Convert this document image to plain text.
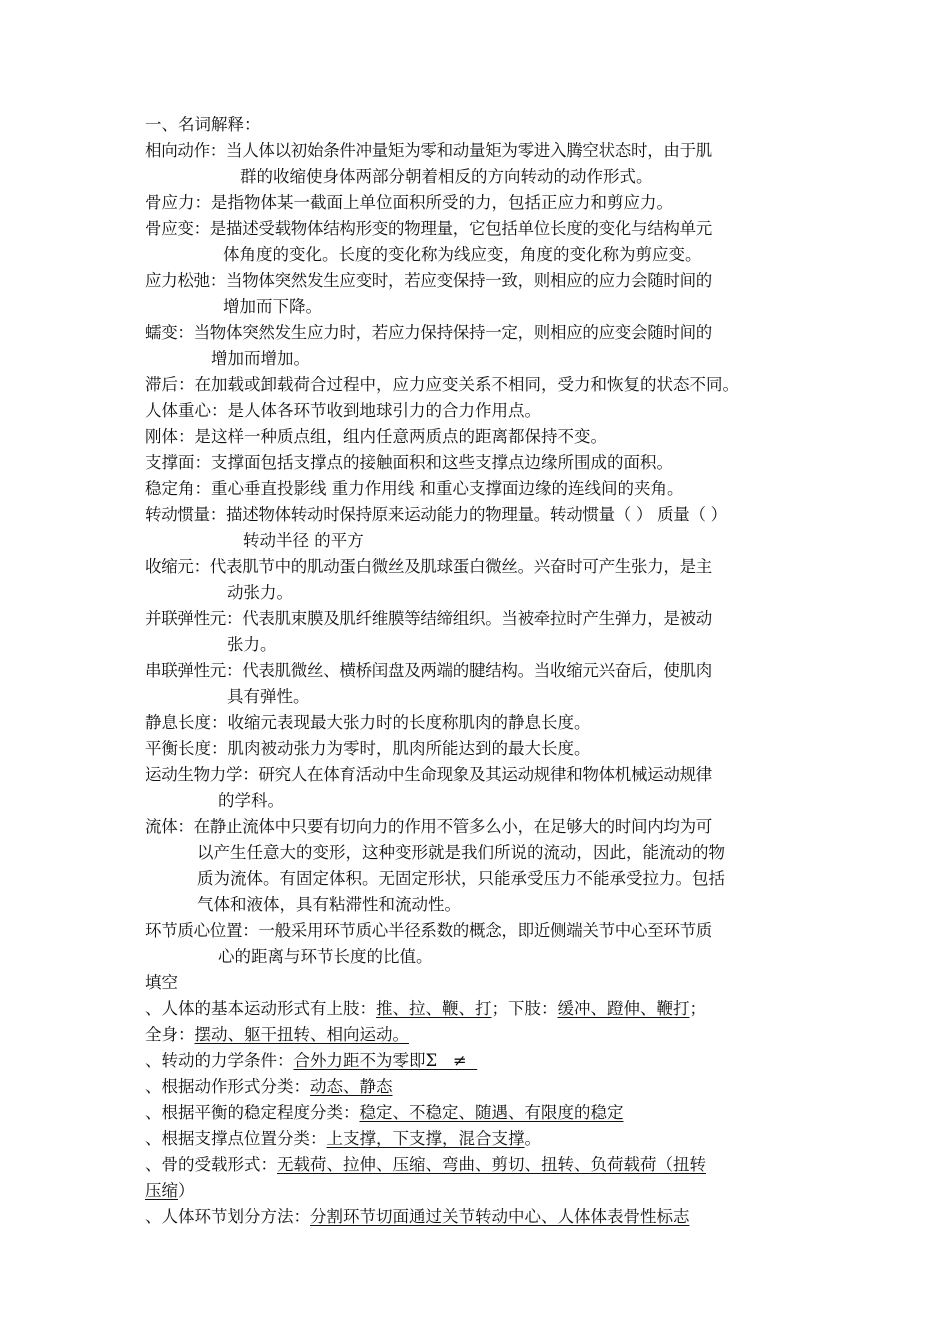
一、名词解释：
相向动作：当人体以初始条件冲量矩为零和动量矩为零进入腾空状态时，由于肌
群的收缩使身体两部分朝着相反的方向转动的动作形式。
骨应力：是指物体某一截面上单位面积所受的力，包括正应力和剪应力。
骨应变：是描述受载物体结构形变的物理量，它包括单位长度的变化与结构单元
体角度的变化。长度的变化称为线应变，角度的变化称为剪应变。
应力松弛：当物体突然发生应变时，若应变保持一致，则相应的应力会随时间的
增加而下降。
蠕变：当物体突然发生应力时，若应力保持保持一定，则相应的应变会随时间的
增加而增加。
滞后：在加载或卸载荷合过程中，应力应变关系不相同，受力和恢复的状态不同。
人体重心：是人体各环节收到地球引力的合力作用点。
刚体：是这样一种质点组，组内任意两质点的距离都保持不变。
支撑面：支撑面包括支撑点的接触面积和这些支撑点边缘所围成的面积。
稳定角：重心垂直投影线 重力作用线 和重心支撑面边缘的连线间的夹角。
转动惯量：描述物体转动时保持原来运动能力的物理量。转动惯量（ ） 质量（ ）
转动半径 的平方
收缩元：代表肌节中的肌动蛋白微丝及肌球蛋白微丝。兴奋时可产生张力，是主
动张力。
并联弹性元：代表肌束膜及肌纤维膜等结缔组织。当被牵拉时产生弹力，是被动
张力。
串联弹性元：代表肌微丝、横桥闰盘及两端的腱结构。当收缩元兴奋后，使肌肉
具有弹性。
静息长度：收缩元表现最大张力时的长度称肌肉的静息长度。
平衡长度：肌肉被动张力为零时，肌肉所能达到的最大长度。
运动生物力学：研究人在体育活动中生命现象及其运动规律和物体机械运动规律
的学科。
流体：在静止流体中只要有切向力的作用不管多么小，在足够大的时间内均为可
以产生任意大的变形，这种变形就是我们所说的流动，因此，能流动的物
质为流体。有固定体积。无固定形状，只能承受压力不能承受拉力。包括
气体和液体，具有粘滞性和流动性。
环节质心位置：一般采用环节质心半径系数的概念，即近侧端关节中心至环节质
心的距离与环节长度的比值。
填空
、人体的基本运动形式有上肢：推、拉、鞭、打；下肢：缓冲、蹬伸、鞭打；
全身：摆动、躯干扭转、相向运动。
、转动的力学条件：合外力距不为零即Σ   ≠
、根据动作形式分类：动态、静态
、根据平衡的稳定程度分类：稳定、不稳定、随遇、有限度的稳定
、根据支撑点位置分类：上支撑，下支撑，混合支撑。
、骨的受载形式：无载荷、拉伸、压缩、弯曲、剪切、扭转、负荷载荷（扭转
压缩）
、人体环节划分方法：分割环节切面通过关节转动中心、人体体表骨性标志
